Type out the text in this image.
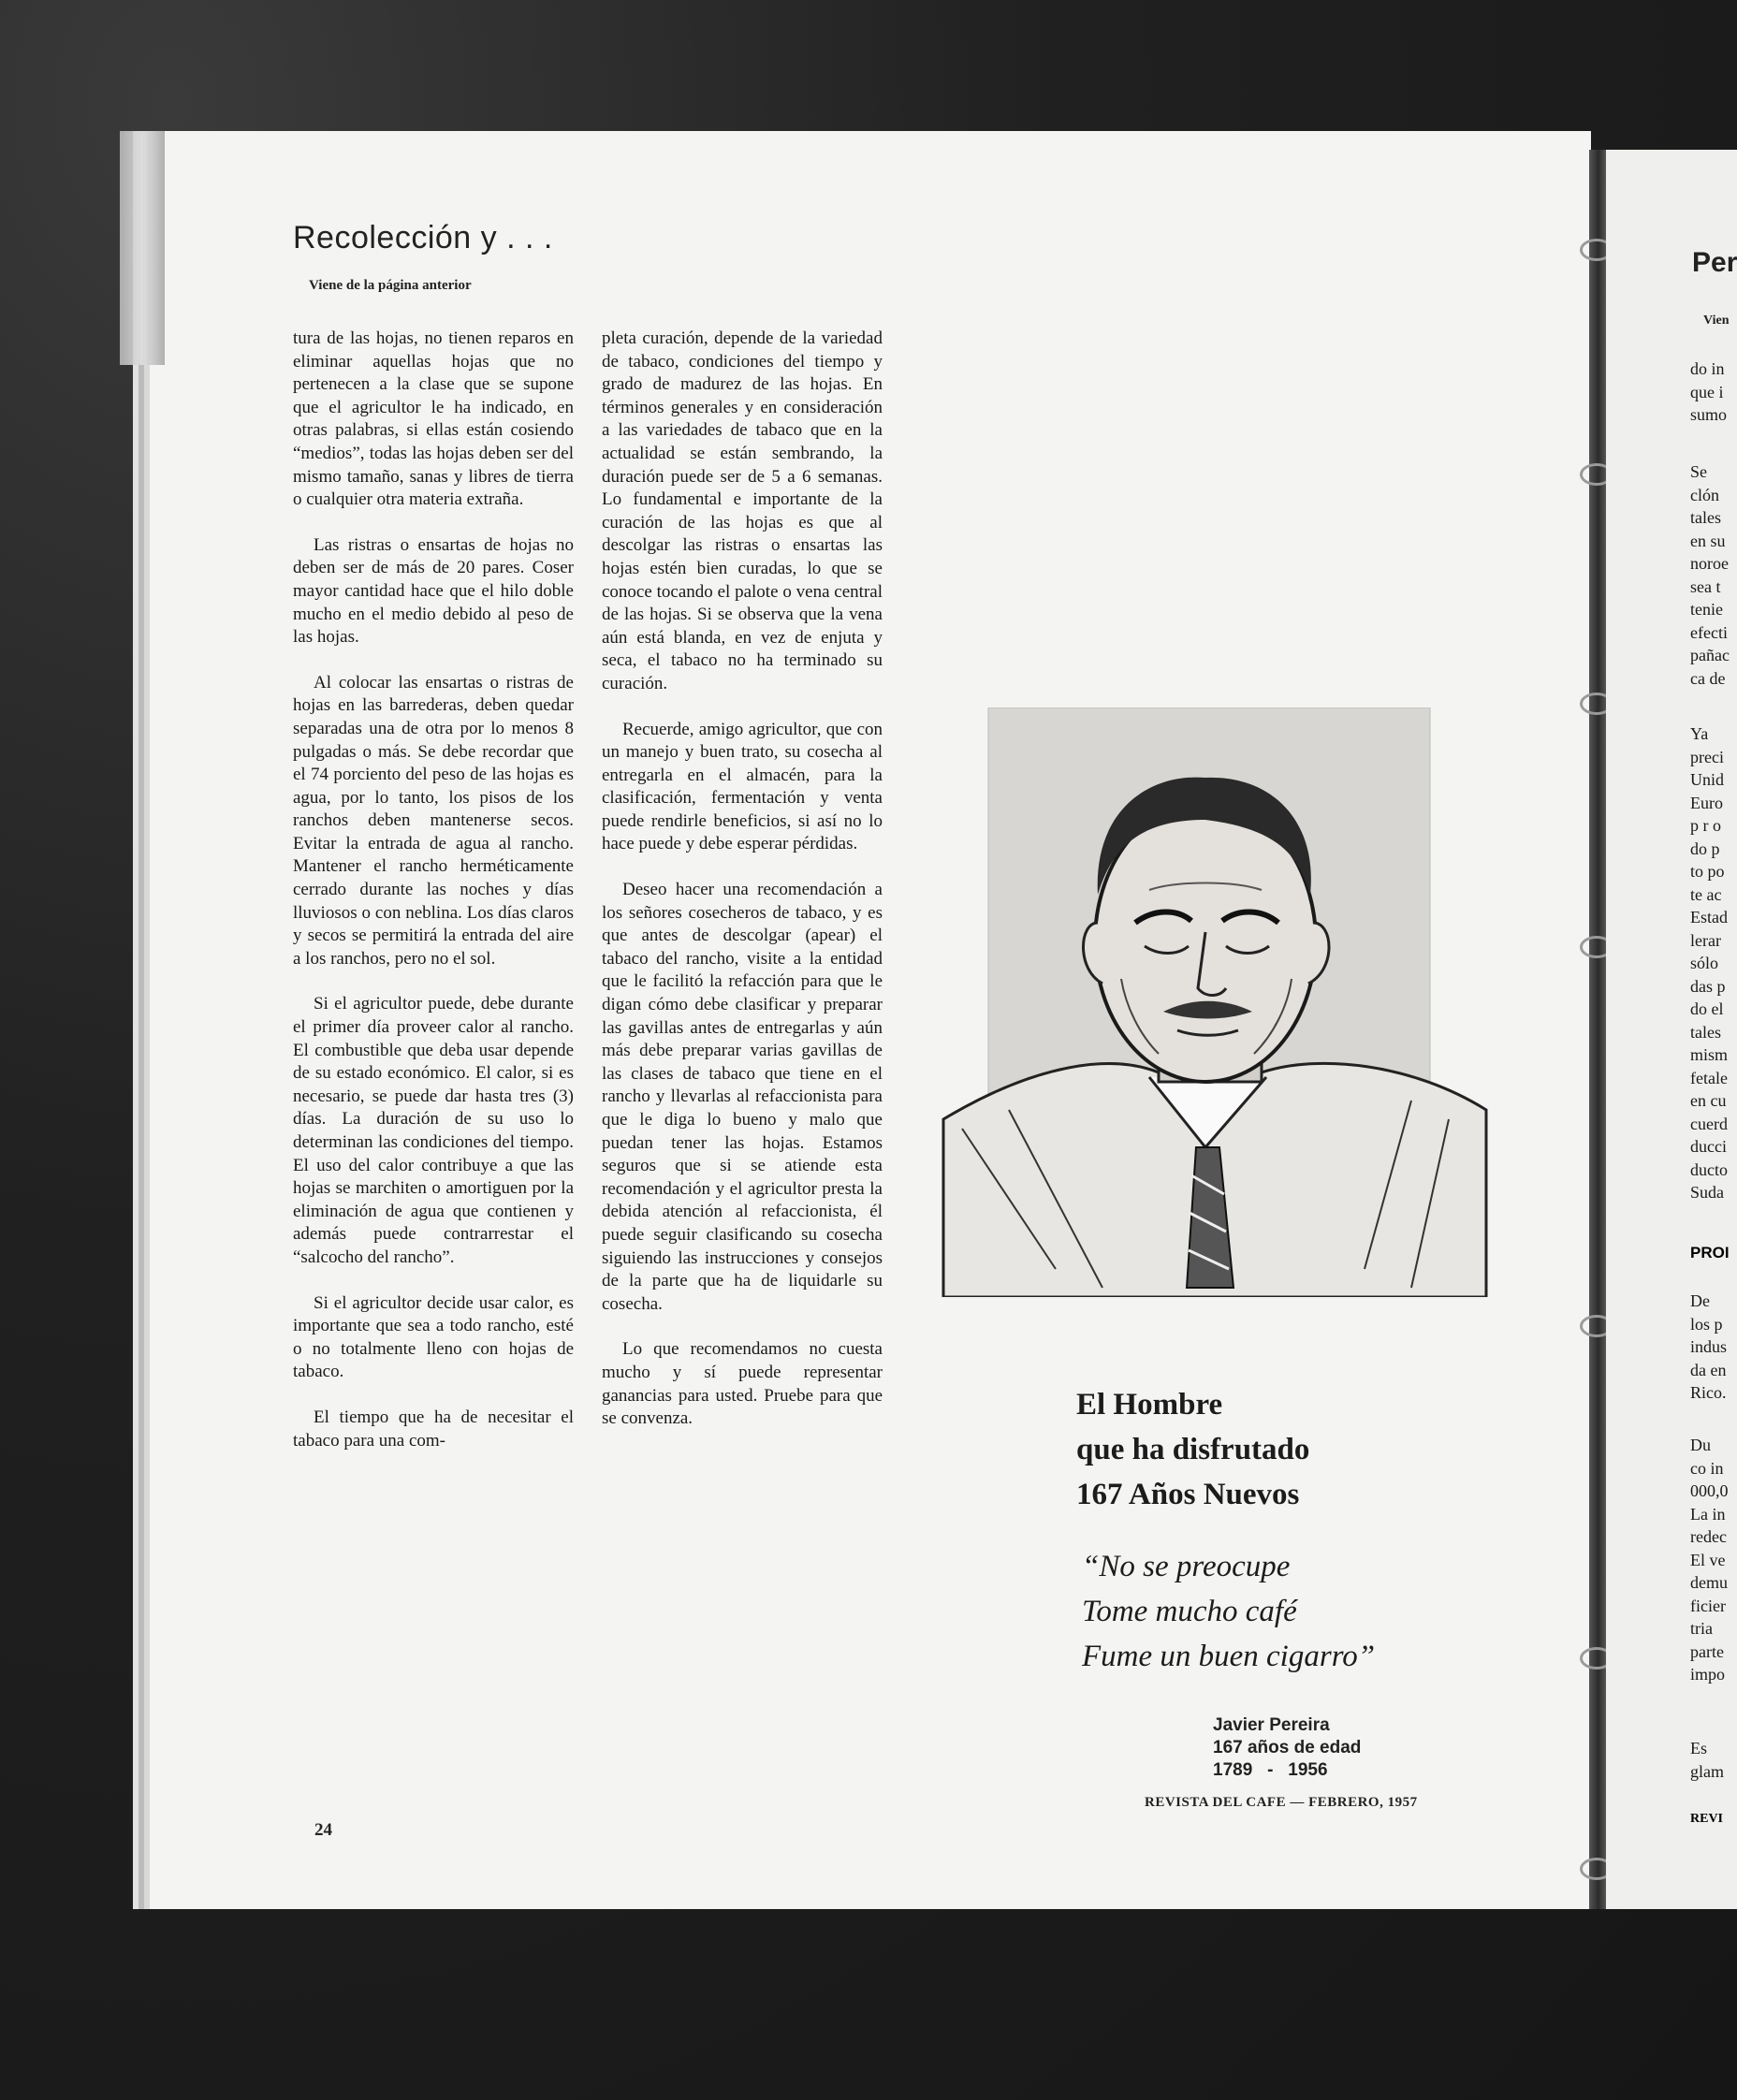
Recolección y . . .
Viene de la página anterior

tura de las hojas, no tienen reparos en eliminar aquellas hojas que no pertenecen a la clase que se supone que el agricultor le ha indicado, en otras palabras, si ellas están cosiendo “medios”, todas las hojas deben ser del mismo tamaño, sanas y libres de tierra o cualquier otra materia extraña.

Las ristras o ensartas de hojas no deben ser de más de 20 pares. Coser mayor cantidad hace que el hilo doble mucho en el medio debido al peso de las hojas.

Al colocar las ensartas o ristras de hojas en las barrederas, deben quedar separadas una de otra por lo menos 8 pulgadas o más. Se debe recordar que el 74 porciento del peso de las hojas es agua, por lo tanto, los pisos de los ranchos deben mantenerse secos. Evitar la entrada de agua al rancho. Mantener el rancho herméticamente cerrado durante las noches y días lluviosos o con neblina. Los días claros y secos se permitirá la entrada del aire a los ranchos, pero no el sol.

Si el agricultor puede, debe durante el primer día proveer calor al rancho. El combustible que deba usar depende de su estado económico. El calor, si es necesario, se puede dar hasta tres (3) días. La duración de su uso lo determinan las condiciones del tiempo. El uso del calor contribuye a que las hojas se marchiten o amortiguen por la eliminación de agua que contienen y además puede contrarrestar el “salcocho del rancho”.

Si el agricultor decide usar calor, es importante que sea a todo rancho, esté o no totalmente lleno con hojas de tabaco.

El tiempo que ha de necesitar el tabaco para una com-

pleta curación, depende de la variedad de tabaco, condiciones del tiempo y grado de madurez de las hojas. En términos generales y en consideración a las variedades de tabaco que en la actualidad se están sembrando, la duración puede ser de 5 a 6 semanas. Lo fundamental e importante de la curación de las hojas es que al descolgar las ristras o ensartas las hojas estén bien curadas, lo que se conoce tocando el palote o vena central de las hojas. Si se observa que la vena aún está blanda, en vez de enjuta y seca, el tabaco no ha terminado su curación.

Recuerde, amigo agricultor, que con un manejo y buen trato, su cosecha al entregarla en el almacén, para la clasificación, fermentación y venta puede rendirle beneficios, si así no lo hace puede y debe esperar pérdidas.

Deseo hacer una recomendación a los señores cosecheros de tabaco, y es que antes de descolgar (apear) el tabaco del rancho, visite a la entidad que le facilitó la refacción para que le digan cómo debe clasificar y preparar las gavillas antes de entregarlas y aún más debe preparar varias gavillas de las clases de tabaco que tiene en el rancho y llevarlas al refaccionista para que le diga lo bueno y malo que puedan tener las hojas. Estamos seguros que si se atiende esta recomendación y el agricultor presta la debida atención al refaccionista, él puede seguir clasificando su cosecha siguiendo las instrucciones y consejos de la parte que ha de liquidarle su cosecha.

Lo que recomendamos no cuesta mucho y sí puede representar ganancias para usted. Pruebe para que se convenza.

24
El Hombre
que ha disfrutado
167 Años Nuevos
“No se preocupe
Tome mucho café
Fume un buen cigarro”
Javier Pereira
167 años de edad
1789   -   1956
REVISTA DEL CAFE — FEBRERO, 1957
Per
Vien
do in
que i
sumo
Se
clón
tales
en su
noroe
sea t
tenie
efecti
pañac
ca de
Ya
preci
Unid
Euro
p r o
do p
to po
te ac
Estad
lerar
sólo
das p
do el
tales
mism
fetale
en cu
cuerd
ducci
ducto
Suda
PROI
De
los p
indus
da en
Rico.
Du
co in
000,0
La in
redec
El ve
demu
ficier
tria
parte
impo
Es
glam
REVI
